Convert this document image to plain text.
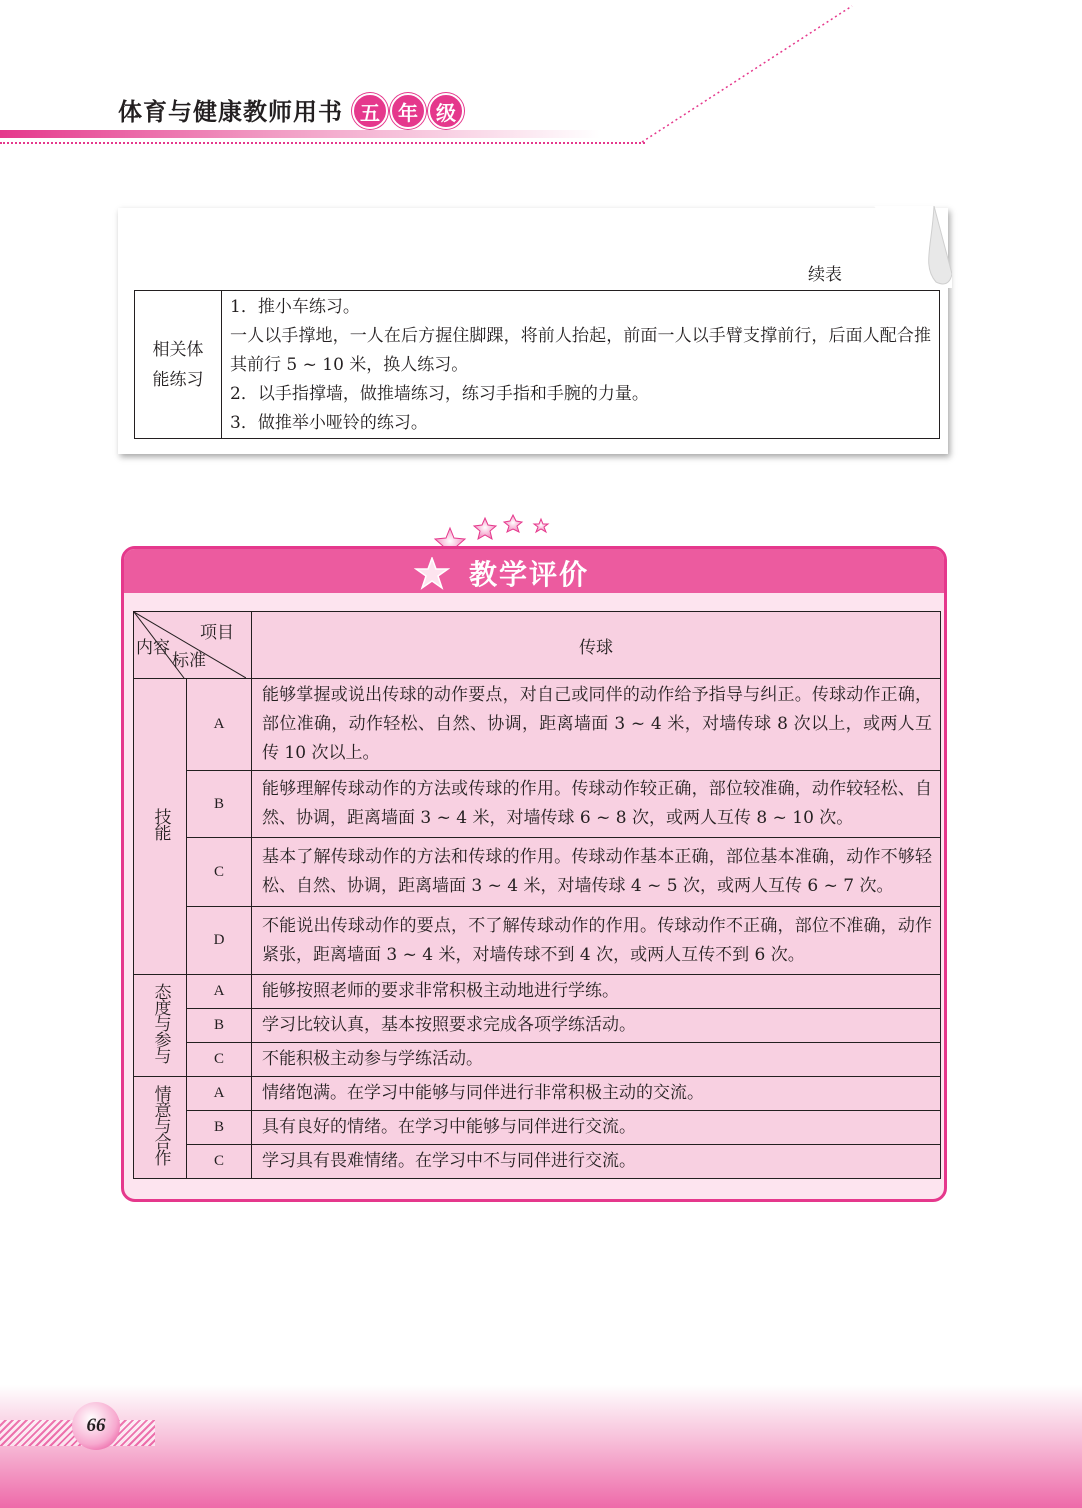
体育与健康教师用书 五 年 级
续表
相关体能练习	
1．推小车练习。
一人以手撑地，一人在后方握住脚踝，将前人抬起，前面一人以手臂支撑前行，后面人配合推其前行 5 ~ 10 米，换人练习。
2．以手指撑墙，做推墙练习，练习手指和手腕的力量。
3．做推举小哑铃的练习。
教学评价
项目
标准
内容		传球
技能	A	能够掌握或说出传球的动作要点，对自己或同伴的动作给予指导与纠正。传球动作正确，部位准确，动作轻松、自然、协调，距离墙面 3 ~ 4 米，对墙传球 8 次以上，或两人互传 10 次以上。
	B	能够理解传球动作的方法或传球的作用。传球动作较正确，部位较准确，动作较轻松、自然、协调，距离墙面 3 ~ 4 米，对墙传球 6 ~ 8 次，或两人互传 8 ~ 10 次。
	C	基本了解传球动作的方法和传球的作用。传球动作基本正确，部位基本准确，动作不够轻松、自然、协调，距离墙面 3 ~ 4 米，对墙传球 4 ~ 5 次，或两人互传 6 ~ 7 次。
	D	不能说出传球动作的要点，不了解传球动作的作用。传球动作不正确，部位不准确，动作紧张，距离墙面 3 ~ 4 米，对墙传球不到 4 次，或两人互传不到 6 次。
态度与参与	A	能够按照老师的要求非常积极主动地进行学练。
	B	学习比较认真，基本按照要求完成各项学练活动。
	C	不能积极主动参与学练活动。
情意与合作	A	情绪饱满。在学习中能够与同伴进行非常积极主动的交流。
	B	具有良好的情绪。在学习中能够与同伴进行交流。
	C	学习具有畏难情绪。在学习中不与同伴进行交流。
66
